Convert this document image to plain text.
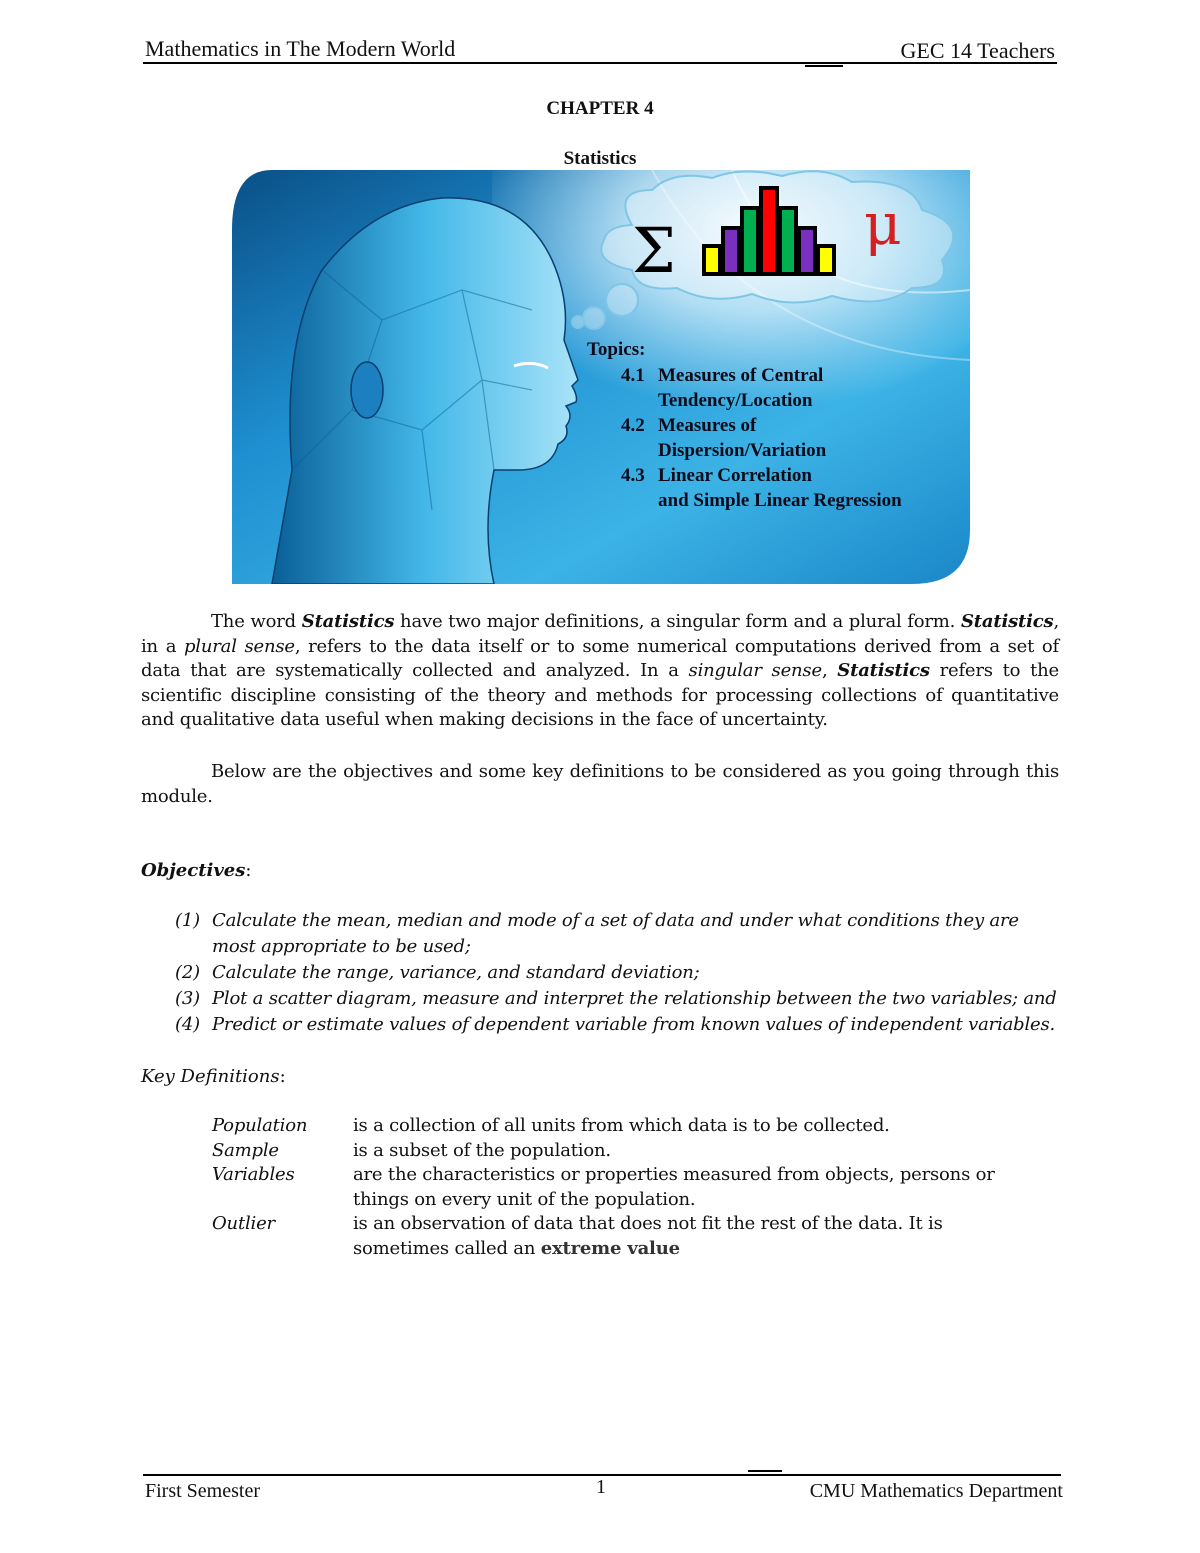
Mathematics in The Modern World	GEC 14 Teachers
CHAPTER 4
Statistics
Σ	μ
Topics:
4.1 Measures of Central
Tendency/Location
4.2 Measures of
Dispersion/Variation
4.3 Linear Correlation
and Simple Linear Regression
The word Statistics have two major definitions, a singular form and a plural form. Statistics, in a plural sense, refers to the data itself or to some numerical computations derived from a set of data that are systematically collected and analyzed. In a singular sense, Statistics refers to the scientific discipline consisting of the theory and methods for processing collections of quantitative and qualitative data useful when making decisions in the face of uncertainty.
Below are the objectives and some key definitions to be considered as you going through this module.
Objectives:
(1) Calculate the mean, median and mode of a set of data and under what conditions they are most appropriate to be used;
(2) Calculate the range, variance, and standard deviation;
(3) Plot a scatter diagram, measure and interpret the relationship between the two variables; and
(4) Predict or estimate values of dependent variable from known values of independent variables.
Key Definitions:
Population	is a collection of all units from which data is to be collected.
Sample	is a subset of the population.
Variables	are the characteristics or properties measured from objects, persons or things on every unit of the population.
Outlier	is an observation of data that does not fit the rest of the data. It is sometimes called an extreme value
First Semester	1	CMU Mathematics Department
